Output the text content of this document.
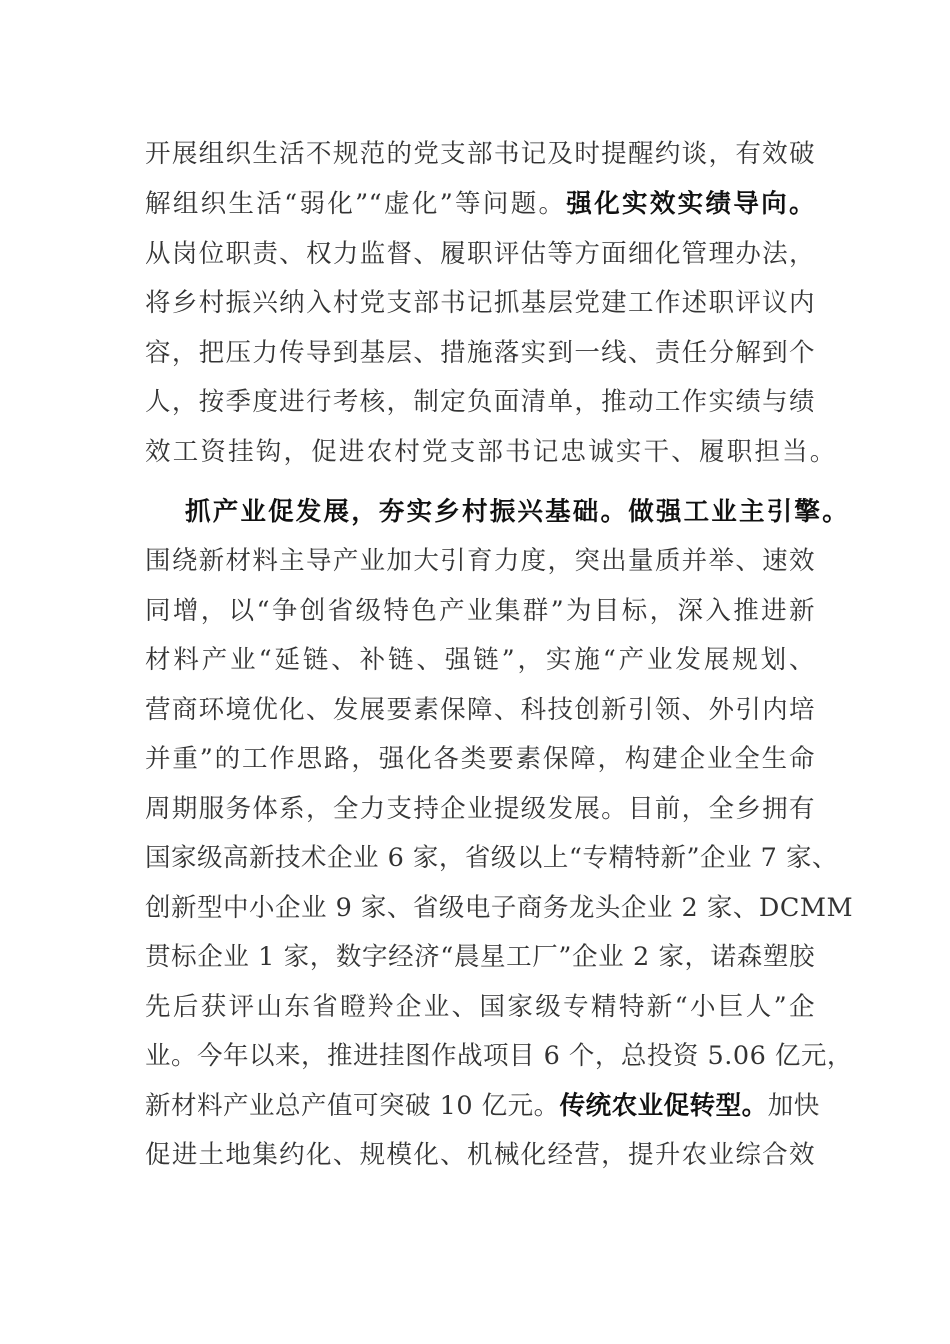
开展组织生活不规范的党支部书记及时提醒约谈，有效破
解组织生活“弱化”“虚化”等问题。强化实效实绩导向。
从岗位职责、权力监督、履职评估等方面细化管理办法，
将乡村振兴纳入村党支部书记抓基层党建工作述职评议内
容，把压力传导到基层、措施落实到一线、责任分解到个
人，按季度进行考核，制定负面清单，推动工作实绩与绩
效工资挂钩，促进农村党支部书记忠诚实干、履职担当。
抓产业促发展，夯实乡村振兴基础。做强工业主引擎。
围绕新材料主导产业加大引育力度，突出量质并举、速效
同增，以“争创省级特色产业集群”为目标，深入推进新
材料产业“延链、补链、强链”，实施“产业发展规划、
营商环境优化、发展要素保障、科技创新引领、外引内培
并重”的工作思路，强化各类要素保障，构建企业全生命
周期服务体系，全力支持企业提级发展。目前，全乡拥有
国家级高新技术企业 6 家，省级以上“专精特新”企业 7 家、
创新型中小企业 9 家、省级电子商务龙头企业 2 家、DCMM
贯标企业 1 家，数字经济“晨星工厂”企业 2 家，诺森塑胶
先后获评山东省瞪羚企业、国家级专精特新“小巨人”企
业。今年以来，推进挂图作战项目 6 个，总投资 5.06 亿元，
新材料产业总产值可突破 10 亿元。传统农业促转型。加快
促进土地集约化、规模化、机械化经营，提升农业综合效
